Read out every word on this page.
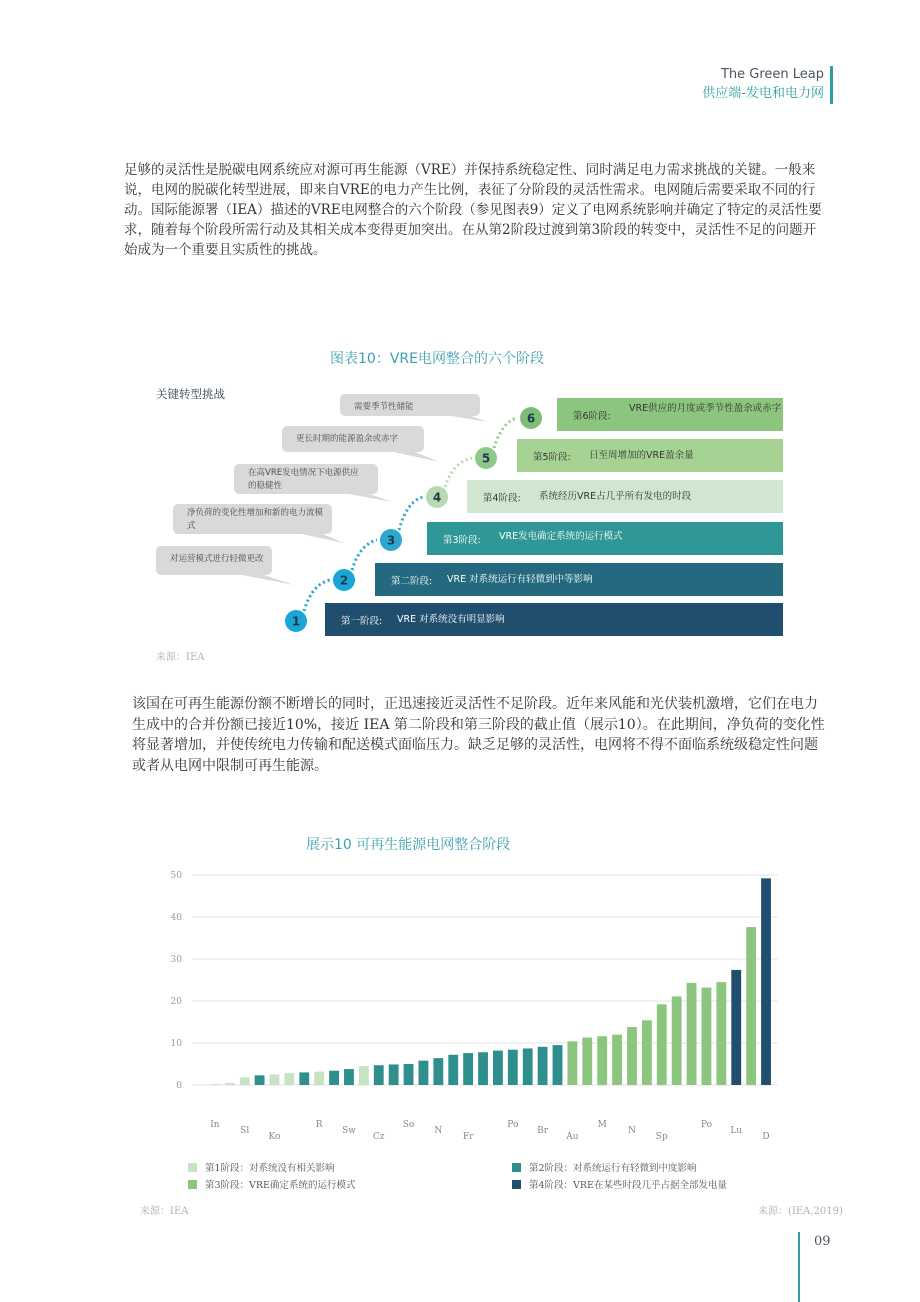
The Green Leap
供应端-发电和电力网
足够的灵活性是脱碳电网系统应对源可再生能源（VRE）并保持系统稳定性、同时满足电力需求挑战的关键。一般来说，电网的脱碳化转型进展，即来自VRE的电力产生比例，表征了分阶段的灵活性需求。电网随后需要采取不同的行动。国际能源署（IEA）描述的VRE电网整合的六个阶段（参见图表9）定义了电网系统影响并确定了特定的灵活性要求，随着每个阶段所需行动及其相关成本变得更加突出。在从第2阶段过渡到第3阶段的转变中，灵活性不足的问题开始成为一个重要且实质性的挑战。
图表10：VRE电网整合的六个阶段
关键转型挑战
第一阶段: VRE 对系统没有明显影响
1
第二阶段: VRE 对系统运行有轻微到中等影响
2
第3阶段: VRE发电确定系统的运行模式
3
第4阶段: 系统经历VRE占几乎所有发电的时段
4
第5阶段: 日至周增加的VRE盈余量
5
第6阶段:
VRE供应的月度或季节性盈余或赤字
6
对运营模式进行轻微更改
净负荷的变化性增加和新的电力流模式
在高VRE发电情况下电源供应的稳健性
更长时期的能源盈余或赤字
需要季节性储能
来源：IEA
该国在可再生能源份额不断增长的同时，正迅速接近灵活性不足阶段。近年来风能和光伏装机激增，它们在电力生成中的合并份额已接近10%，接近 IEA 第二阶段和第三阶段的截止值（展示10）。在此期间，净负荷的变化性将显著增加，并使传统电力传输和配送模式面临压力。缺乏足够的灵活性，电网将不得不面临系统级稳定性问题或者从电网中限制可再生能源。
展示10 可再生能源电网整合阶段
0
10
20
30
40
50
In
Sl
Ko
R
Sw
Cz
So
N
Fr
Po
Br
Au
M
N
Sp
Po
Lu
D
第1阶段：对系统没有相关影响	第2阶段：对系统运行有轻微到中度影响
第3阶段：VRE确定系统的运行模式	第4阶段：VRE在某些时段几乎占据全部发电量
来源：IEA	来源：(IEA,2019)
09
